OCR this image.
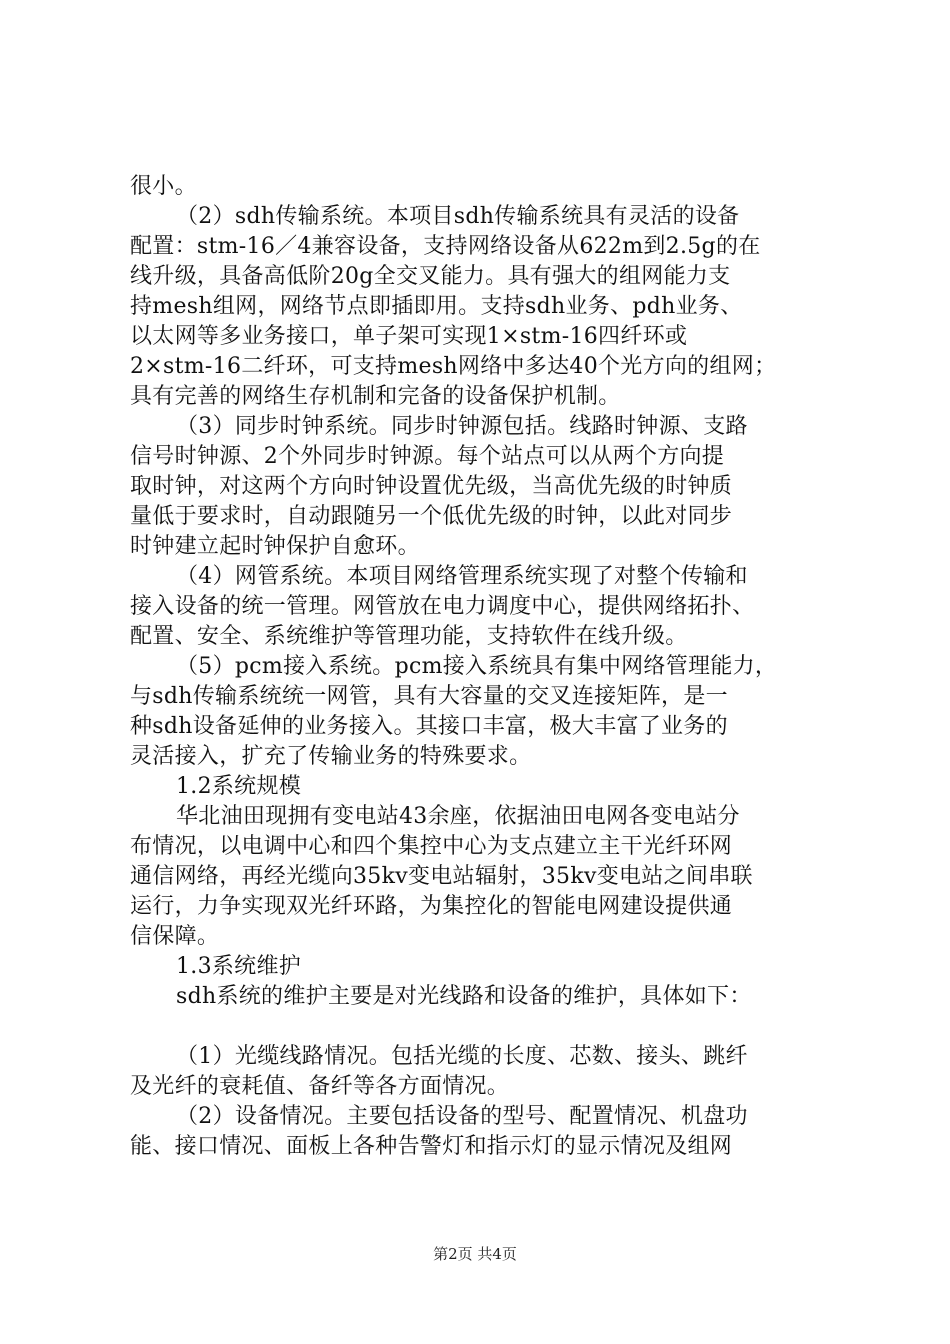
很小。
（2）sdh传输系统。本项目sdh传输系统具有灵活的设备
配置：stm-16／4兼容设备，支持网络设备从622m到2.5g的在
线升级，具备高低阶20g全交叉能力。具有强大的组网能力支
持mesh组网，网络节点即插即用。支持sdh业务、pdh业务、
以太网等多业务接口，单子架可实现1×stm-16四纤环或
2×stm-16二纤环，可支持mesh网络中多达40个光方向的组网；
具有完善的网络生存机制和完备的设备保护机制。
（3）同步时钟系统。同步时钟源包括。线路时钟源、支路
信号时钟源、2个外同步时钟源。每个站点可以从两个方向提
取时钟，对这两个方向时钟设置优先级，当高优先级的时钟质
量低于要求时，自动跟随另一个低优先级的时钟，以此对同步
时钟建立起时钟保护自愈环。
（4）网管系统。本项目网络管理系统实现了对整个传输和
接入设备的统一管理。网管放在电力调度中心，提供网络拓扑、
配置、安全、系统维护等管理功能，支持软件在线升级。
（5）pcm接入系统。pcm接入系统具有集中网络管理能力，
与sdh传输系统统一网管，具有大容量的交叉连接矩阵，是一
种sdh设备延伸的业务接入。其接口丰富，极大丰富了业务的
灵活接入，扩充了传输业务的特殊要求。
1.2系统规模
华北油田现拥有变电站43余座，依据油田电网各变电站分
布情况，以电调中心和四个集控中心为支点建立主干光纤环网
通信网络，再经光缆向35kv变电站辐射，35kv变电站之间串联
运行，力争实现双光纤环路，为集控化的智能电网建设提供通
信保障。
1.3系统维护
sdh系统的维护主要是对光线路和设备的维护，具体如下：
（1）光缆线路情况。包括光缆的长度、芯数、接头、跳纤
及光纤的衰耗值、备纤等各方面情况。
（2）设备情况。主要包括设备的型号、配置情况、机盘功
能、接口情况、面板上各种告警灯和指示灯的显示情况及组网
第2页 共4页
